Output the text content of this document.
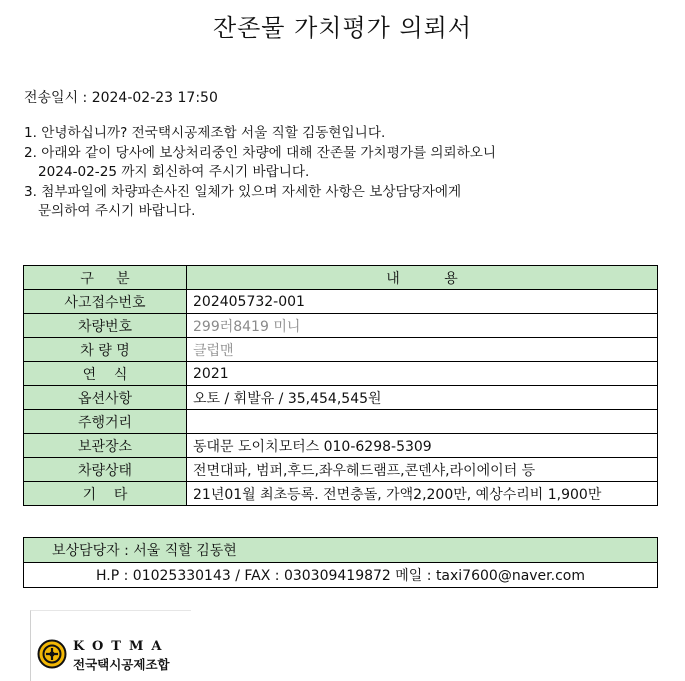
잔존물 가치평가 의뢰서
전송일시 : 2024-02-23 17:50
1. 안녕하십니까? 전국택시공제조합 서울 직할 김동현입니다.
2. 아래와 같이 당사에 보상처리중인 차량에 대해 잔존물 가치평가를 의뢰하오니
2024-02-25 까지 회신하여 주시기 바랍니다.
3. 첨부파일에 차량파손사진 일체가 있으며 자세한 사항은 보상담당자에게
문의하여 주시기 바랍니다.
구     분	내          용
사고접수번호	202405732-001
차량번호	299러8419 미니
차 량 명	클럽맨
연    식	2021
옵션사항	오토 / 휘발유 / 35,454,545원
주행거리	
보관장소	동대문 도이치모터스 010-6298-5309
차량상태	전면대파, 범퍼,후드,좌우헤드램프,콘덴샤,라이에이터 등
기    타	21년01월 최초등록. 전면충돌, 가액2,200만, 예상수리비 1,900만
보상담당자 : 서울 직할 김동현
H.P : 01025330143 / FAX : 030309419872 메일 : taxi7600@naver.com
KOTMA
전국택시공제조합
